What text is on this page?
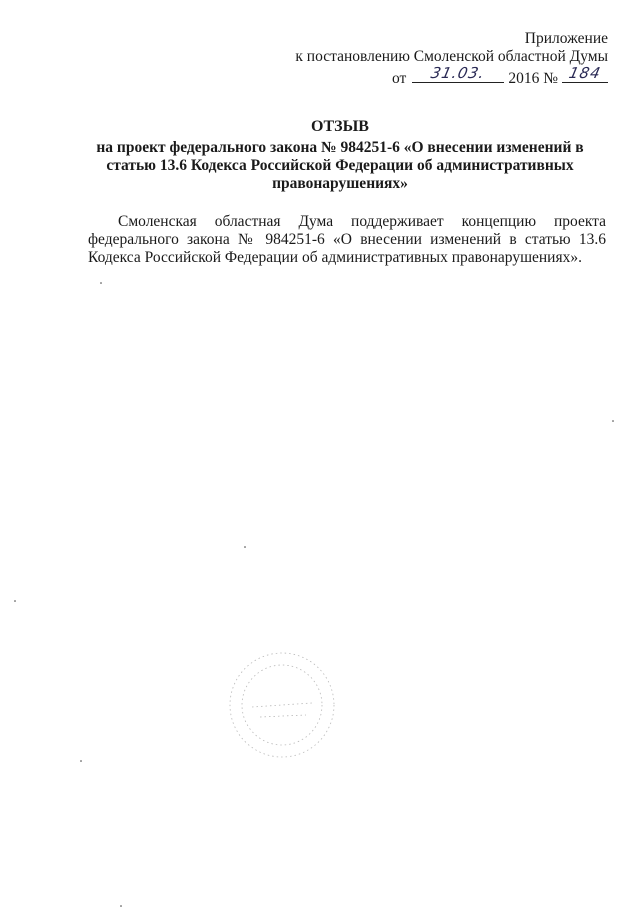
Приложение
к постановлению Смоленской областной Думы
от	31.03.	2016 № 184
ОТЗЫВ
на проект федерального закона № 984251-6 «О внесении изменений в
статью 13.6 Кодекса Российской Федерации об административных
правонарушениях»
Смоленская областная Дума поддерживает концепцию проекта федерального закона № 984251-6 «О внесении изменений в статью 13.6 Кодекса Российской Федерации об административных правонарушениях».
